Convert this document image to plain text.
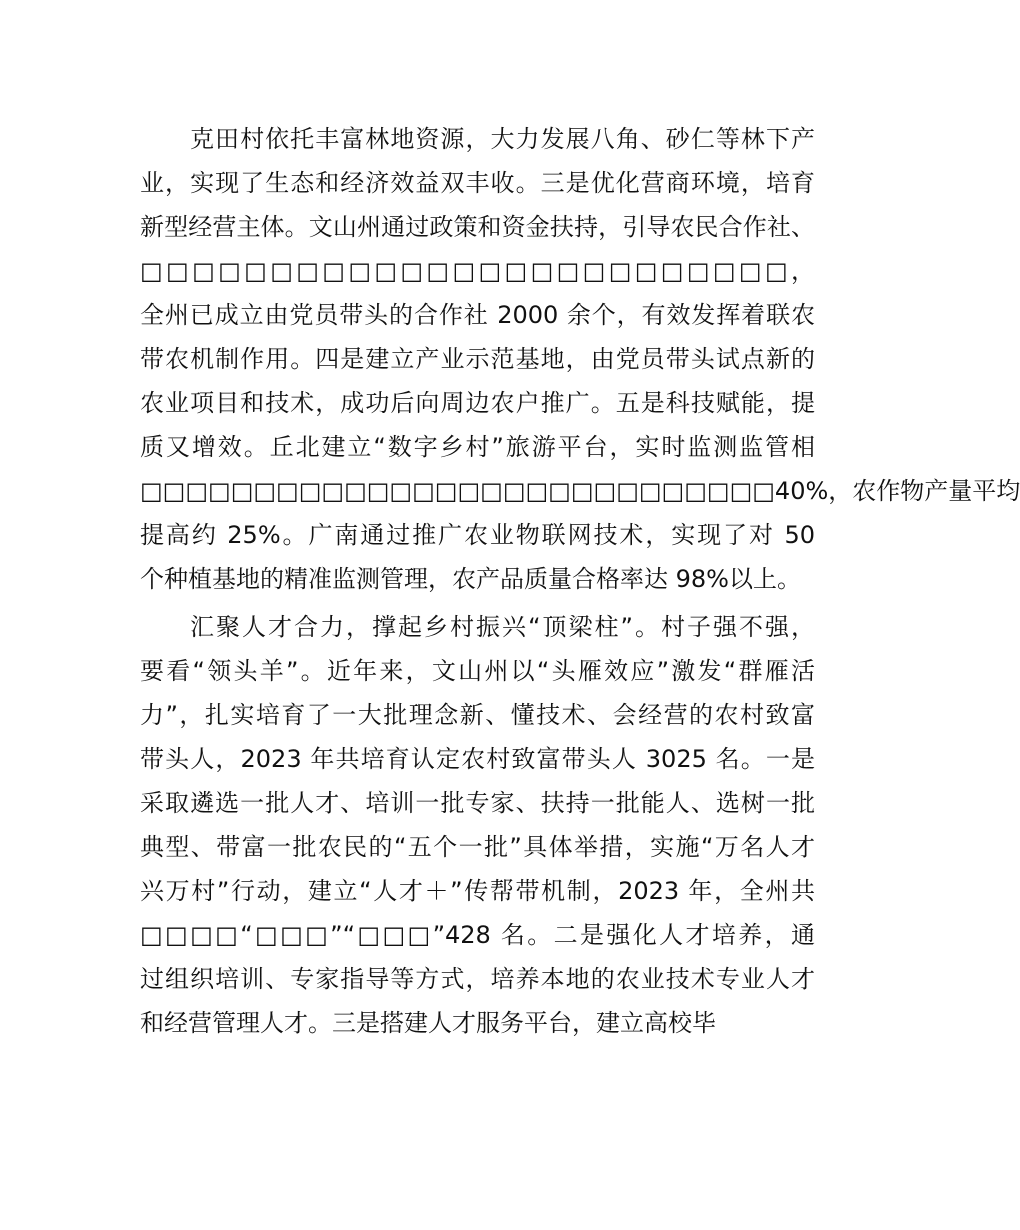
克田村依托丰富林地资源，大力发展八角、砂仁等林下产
业，实现了生态和经济效益双丰收。三是优化营商环境，培育
新型经营主体。文山州通过政策和资金扶持，引导农民合作社、
□□□□□□□□□□□□□□□□□□□□□□□□□，
全州已成立由党员带头的合作社 2000 余个，有效发挥着联农
带农机制作用。四是建立产业示范基地，由党员带头试点新的
农业项目和技术，成功后向周边农户推广。五是科技赋能，提
质又增效。丘北建立“数字乡村”旅游平台，实时监测监管相
□□□□□□□□□□□□□□□□□□□□□□□□□□□□40%，农作物产量平均
提高约 25%。广南通过推广农业物联网技术，实现了对 50
个种植基地的精准监测管理，农产品质量合格率达 98%以上。
汇聚人才合力，撑起乡村振兴“顶梁柱”。村子强不强，
要看“领头羊”。近年来，文山州以“头雁效应”激发“群雁活
力”，扎实培育了一大批理念新、懂技术、会经营的农村致富
带头人，2023 年共培育认定农村致富带头人 3025 名。一是
采取遴选一批人才、培训一批专家、扶持一批能人、选树一批
典型、带富一批农民的“五个一批”具体举措，实施“万名人才
兴万村”行动，建立“人才＋”传帮带机制，2023 年，全州共
□□□□“□□□”“□□□”428 名。二是强化人才培养，通
过组织培训、专家指导等方式，培养本地的农业技术专业人才
和经营管理人才。三是搭建人才服务平台，建立高校毕
